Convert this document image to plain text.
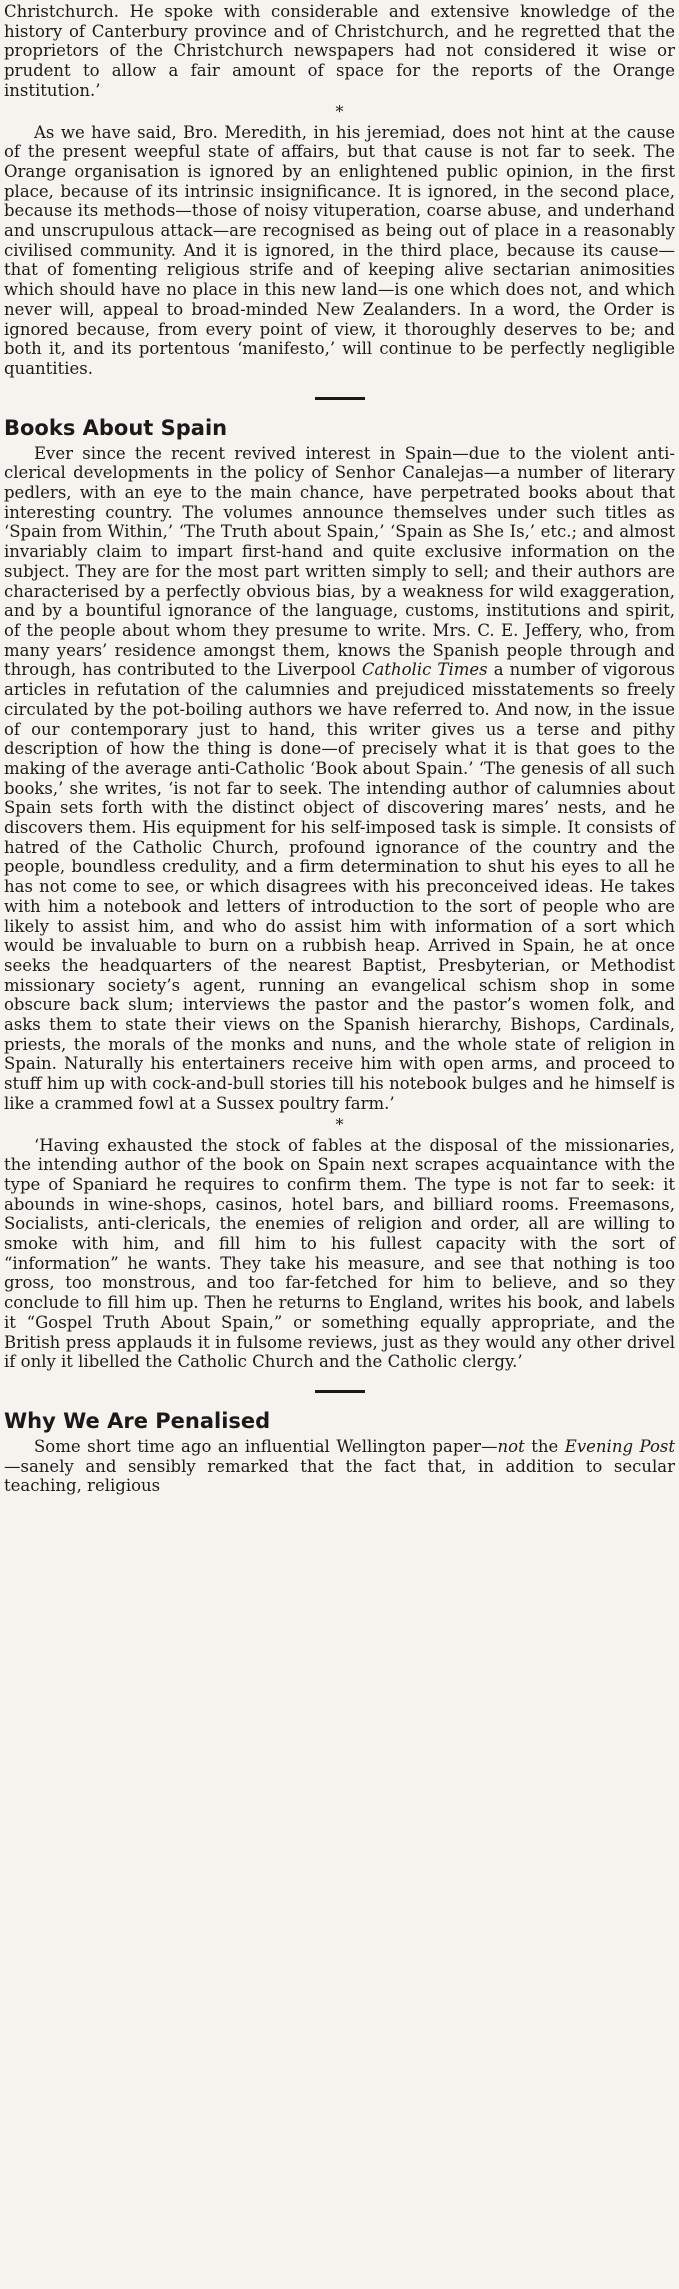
Christchurch. He spoke with considerable and extensive knowledge of the history of Canterbury province and of Christchurch, and he regretted that the proprietors of the Christchurch newspapers had not considered it wise or prudent to allow a fair amount of space for the reports of the Orange institution.’

*

As we have said, Bro. Meredith, in his jeremiad, does not hint at the cause of the present weepful state of affairs, but that cause is not far to seek. The Orange organisation is ignored by an enlightened public opinion, in the first place, because of its intrinsic insignificance. It is ignored, in the second place, because its methods—those of noisy vituperation, coarse abuse, and underhand and unscrupulous attack—are recognised as being out of place in a reasonably civilised community. And it is ignored, in the third place, because its cause—that of fomenting religious strife and of keeping alive sectarian animosities which should have no place in this new land—is one which does not, and which never will, appeal to broad-minded New Zealanders. In a word, the Order is ignored because, from every point of view, it thoroughly deserves to be; and both it, and its portentous ‘manifesto,’ will continue to be perfectly negligible quantities.

Books About Spain

Ever since the recent revived interest in Spain—due to the violent anti-clerical developments in the policy of Senhor Canalejas—a number of literary pedlers, with an eye to the main chance, have perpetrated books about that interesting country. The volumes announce themselves under such titles as ‘Spain from Within,’ ‘The Truth about Spain,’ ‘Spain as She Is,’ etc.; and almost invariably claim to impart first-hand and quite exclusive information on the subject. They are for the most part written simply to sell; and their authors are characterised by a perfectly obvious bias, by a weakness for wild exaggeration, and by a bountiful ignorance of the language, customs, institutions and spirit, of the people about whom they presume to write. Mrs. C. E. Jeffery, who, from many years’ residence amongst them, knows the Spanish people through and through, has contributed to the Liverpool Catholic Times a number of vigorous articles in refutation of the calumnies and prejudiced misstatements so freely circulated by the pot-boiling authors we have referred to. And now, in the issue of our contemporary just to hand, this writer gives us a terse and pithy description of how the thing is done—of precisely what it is that goes to the making of the average anti-Catholic ‘Book about Spain.’ ‘The genesis of all such books,’ she writes, ‘is not far to seek. The intending author of calumnies about Spain sets forth with the distinct object of discovering mares’ nests, and he discovers them. His equipment for his self-imposed task is simple. It consists of hatred of the Catholic Church, profound ignorance of the country and the people, boundless credulity, and a firm determination to shut his eyes to all he has not come to see, or which disagrees with his preconceived ideas. He takes with him a notebook and letters of introduction to the sort of people who are likely to assist him, and who do assist him with information of a sort which would be invaluable to burn on a rubbish heap. Arrived in Spain, he at once seeks the headquarters of the nearest Baptist, Presbyterian, or Methodist missionary society’s agent, running an evangelical schism shop in some obscure back slum; interviews the pastor and the pastor’s women folk, and asks them to state their views on the Spanish hierarchy, Bishops, Cardinals, priests, the morals of the monks and nuns, and the whole state of religion in Spain. Naturally his entertainers receive him with open arms, and proceed to stuff him up with cock-and-bull stories till his notebook bulges and he himself is like a crammed fowl at a Sussex poultry farm.’

*

‘Having exhausted the stock of fables at the disposal of the missionaries, the intending author of the book on Spain next scrapes acquaintance with the type of Spaniard he requires to confirm them. The type is not far to seek: it abounds in wine-shops, casinos, hotel bars, and billiard rooms. Freemasons, Socialists, anti-clericals, the enemies of religion and order, all are willing to smoke with him, and fill him to his fullest capacity with the sort of “information” he wants. They take his measure, and see that nothing is too gross, too monstrous, and too far-fetched for him to believe, and so they conclude to fill him up. Then he returns to England, writes his book, and labels it “Gospel Truth About Spain,” or something equally appropriate, and the British press applauds it in fulsome reviews, just as they would any other drivel if only it libelled the Catholic Church and the Catholic clergy.’

Why We Are Penalised

Some short time ago an influential Wellington paper—not the Evening Post—sanely and sensibly remarked that the fact that, in addition to secular teaching, religious
